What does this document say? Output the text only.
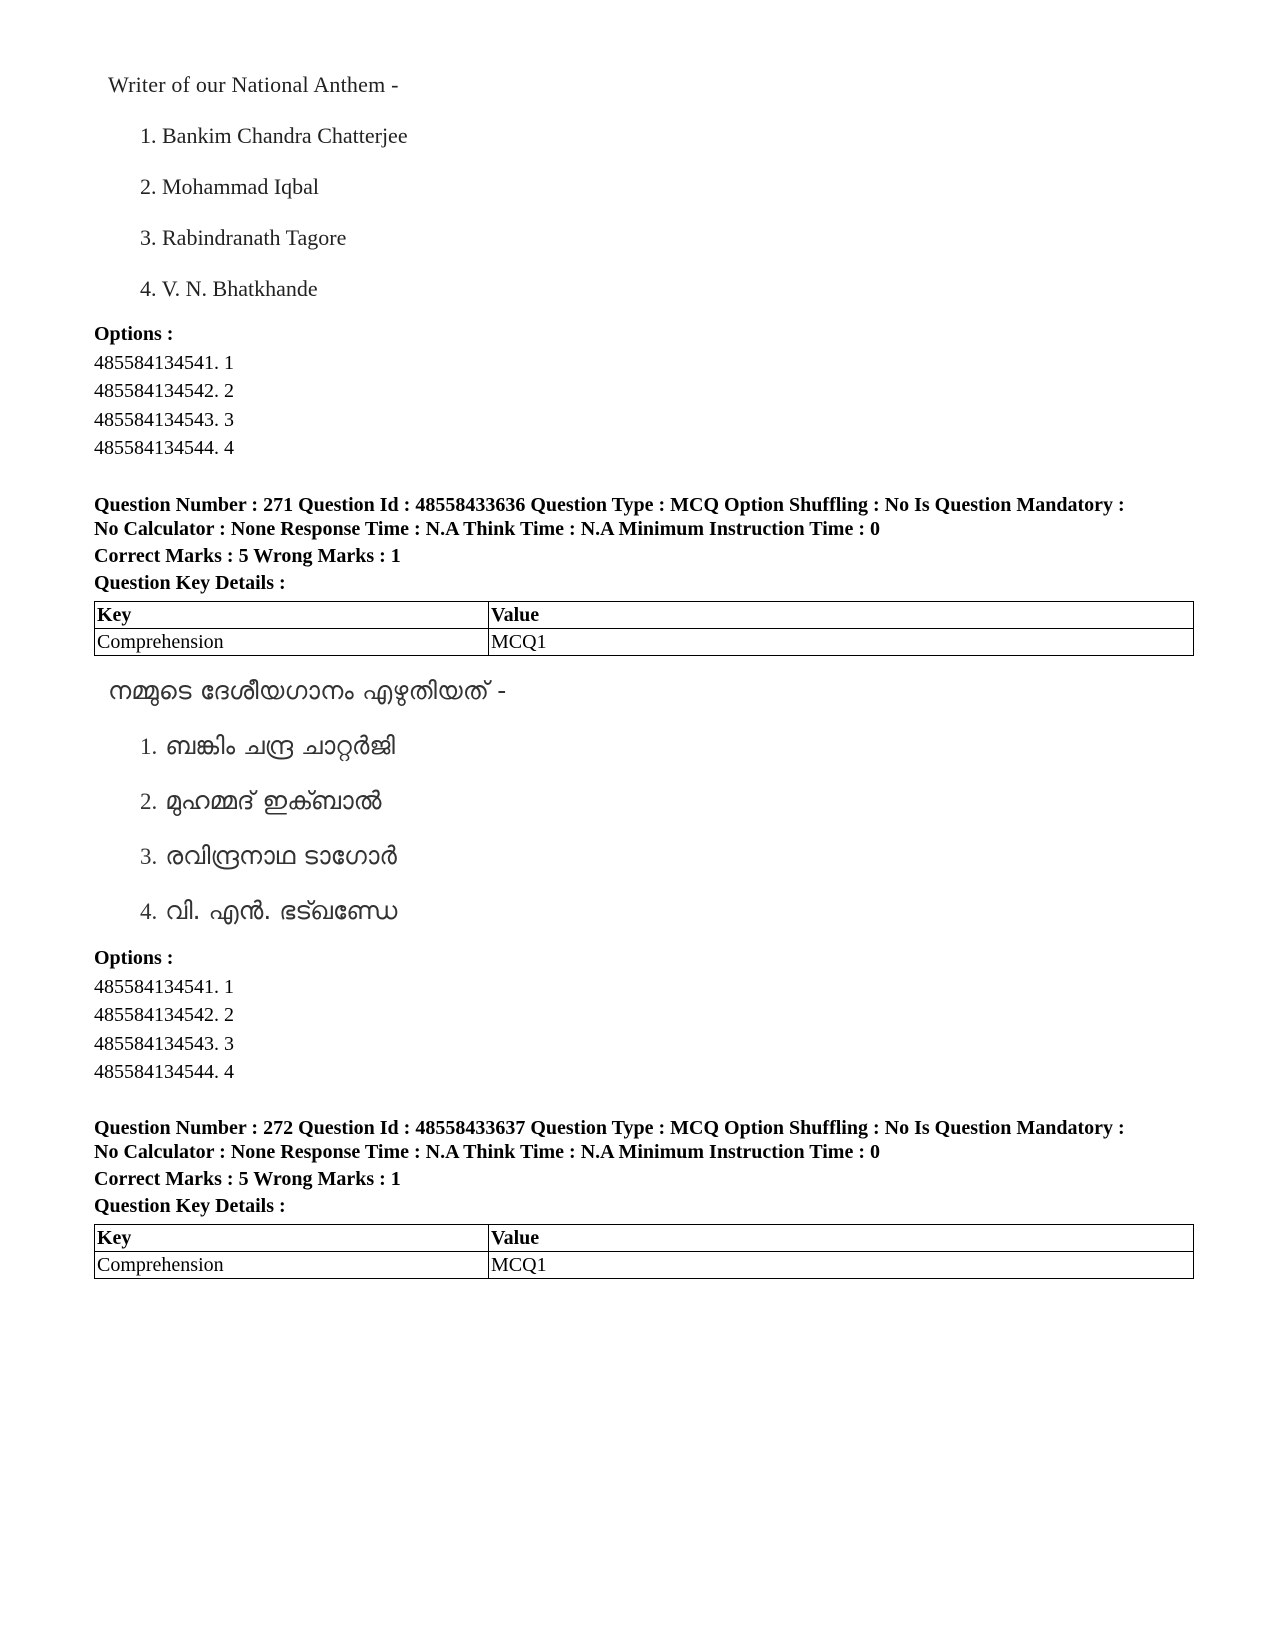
Writer of our National Anthem -
1. Bankim Chandra Chatterjee
2. Mohammad Iqbal
3. Rabindranath Tagore
4. V. N. Bhatkhande
Options :
485584134541. 1
485584134542. 2
485584134543. 3
485584134544. 4
Question Number : 271 Question Id : 48558433636 Question Type : MCQ Option Shuffling : No Is Question Mandatory :
No Calculator : None Response Time : N.A Think Time : N.A Minimum Instruction Time : 0
Correct Marks : 5 Wrong Marks : 1
Question Key Details :
Key	Value
Comprehension	MCQ1
നമ്മുടെ ദേശീയഗാനം എഴുതിയത് -
1. ബങ്കിം ചന്ദ്ര ചാറ്റർജി
2. മുഹമ്മദ് ഇക്ബാൽ
3. രവിന്ദ്രനാഥ ടാഗോർ
4. വി. എൻ. ഭട്ഖണ്ഡേ
Options :
485584134541. 1
485584134542. 2
485584134543. 3
485584134544. 4
Question Number : 272 Question Id : 48558433637 Question Type : MCQ Option Shuffling : No Is Question Mandatory :
No Calculator : None Response Time : N.A Think Time : N.A Minimum Instruction Time : 0
Correct Marks : 5 Wrong Marks : 1
Question Key Details :
Key	Value
Comprehension	MCQ1
